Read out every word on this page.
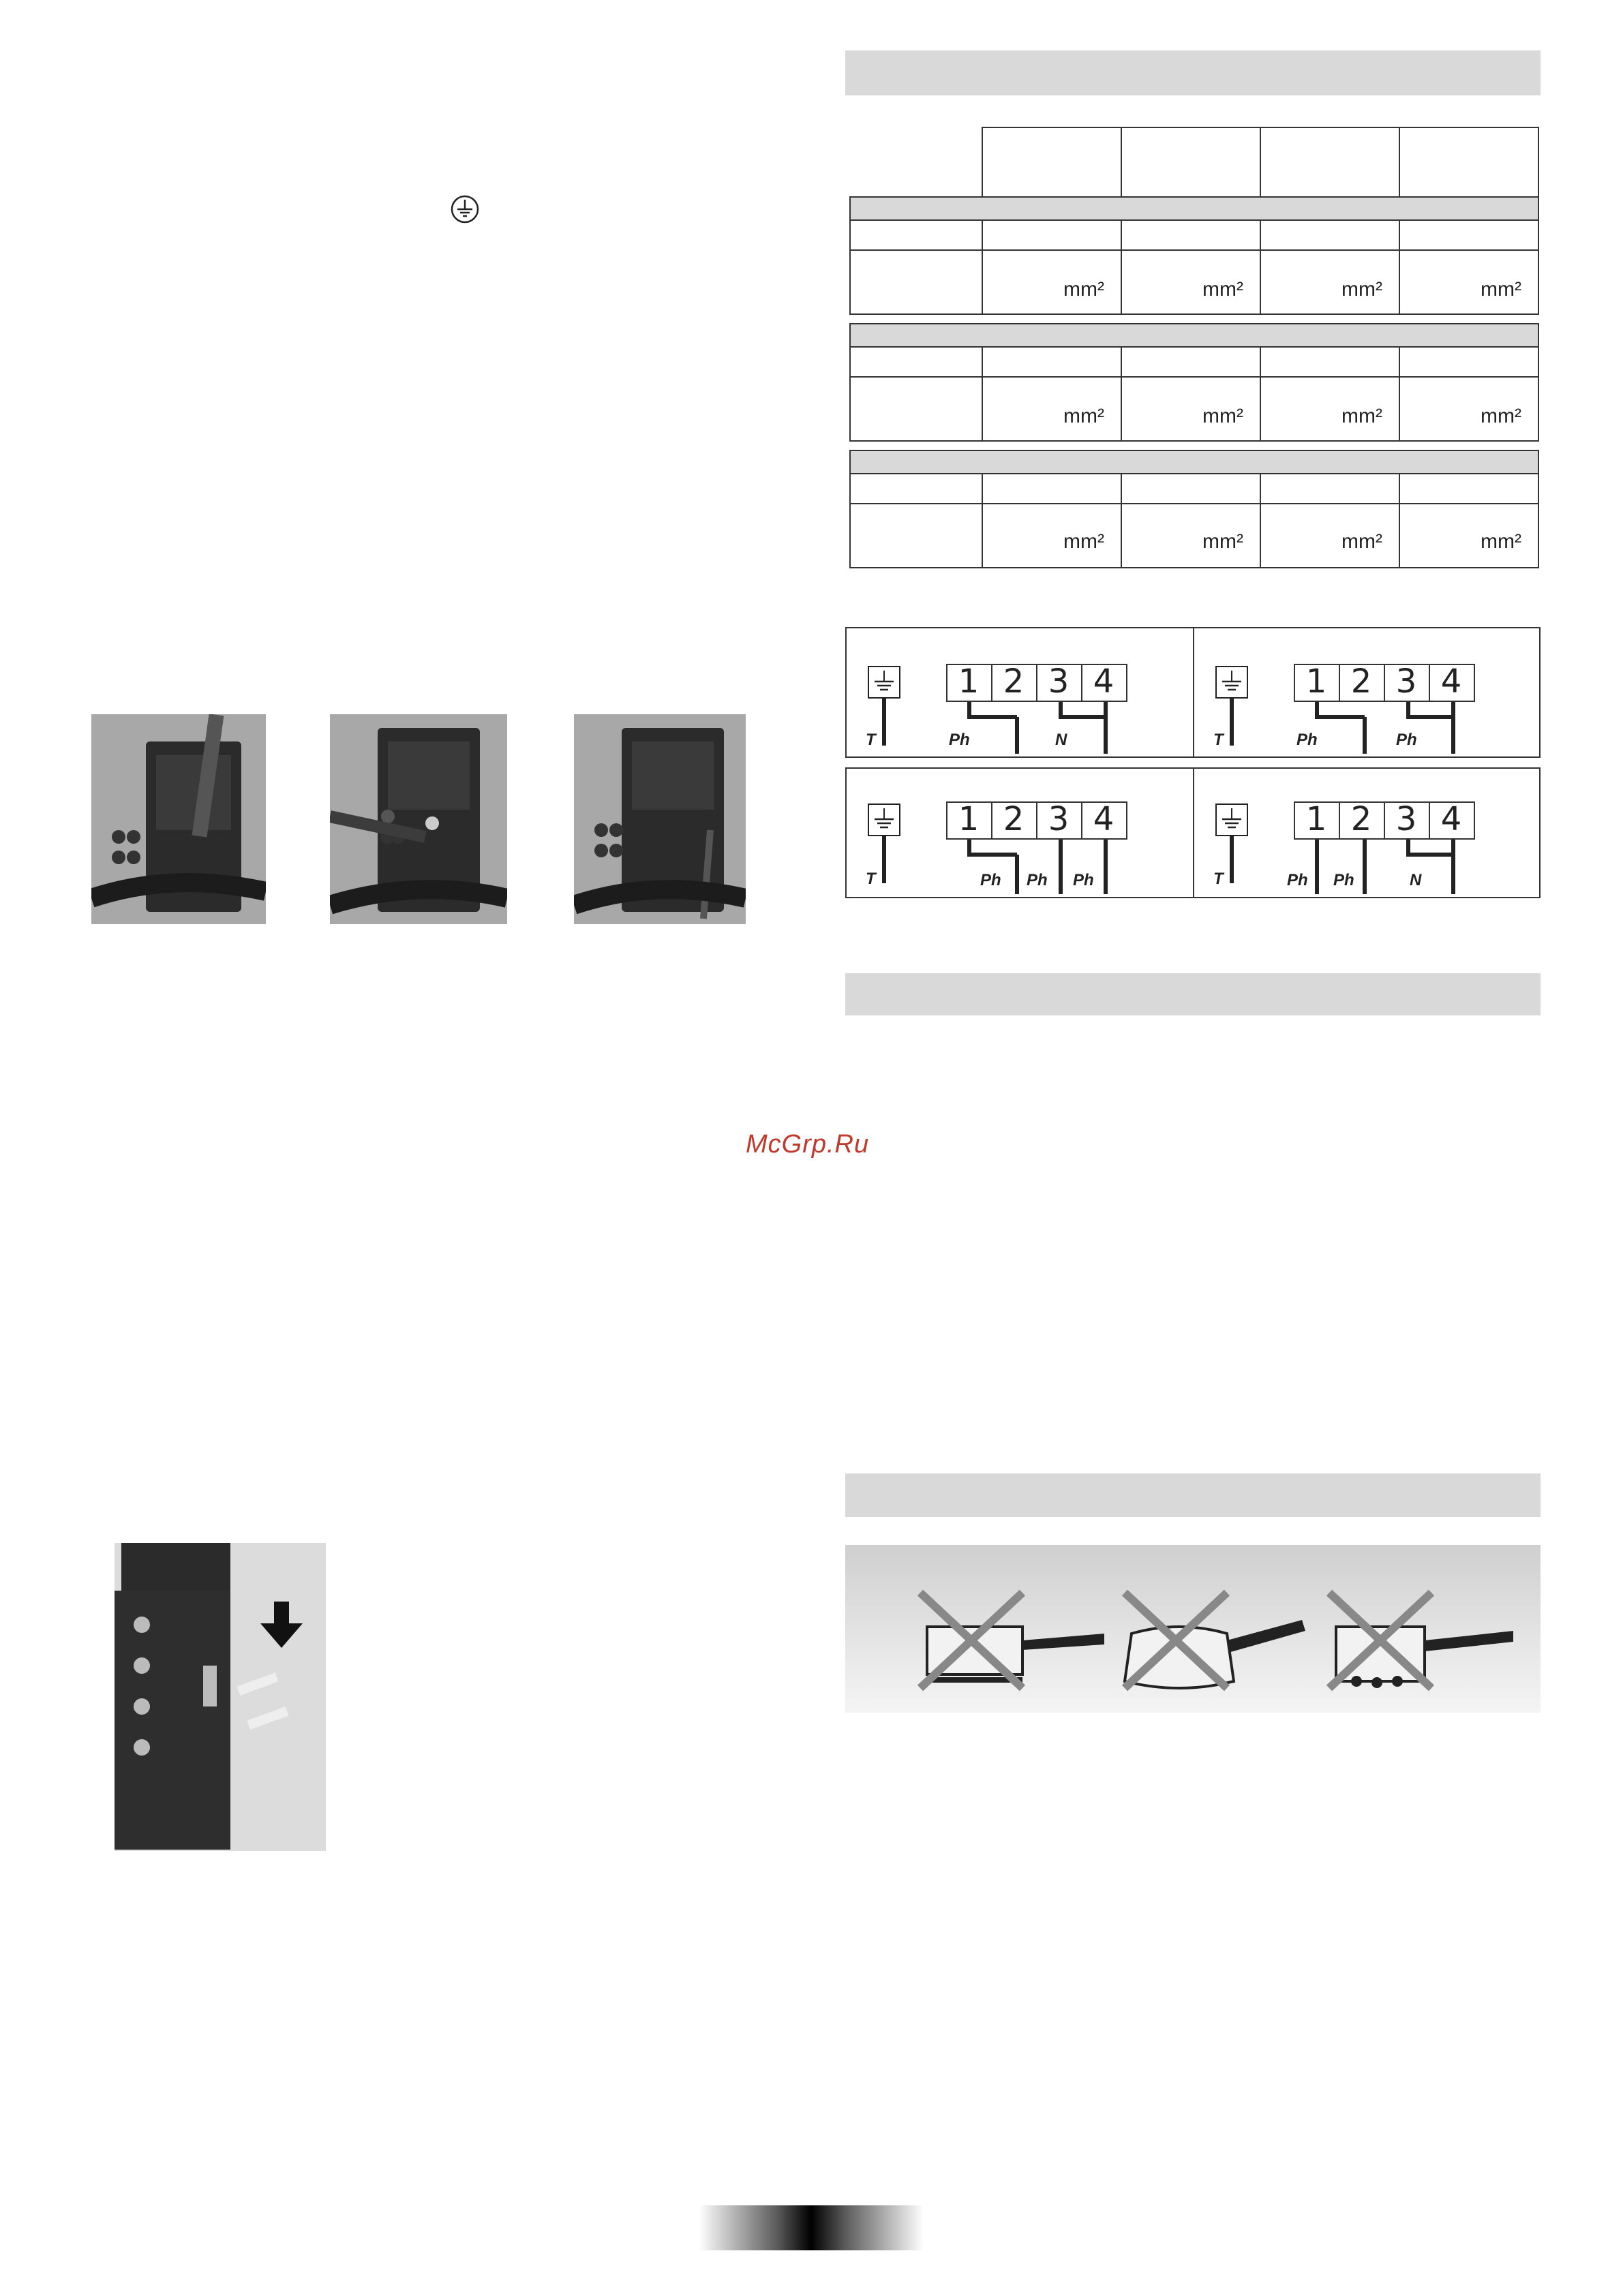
mm²	mm²	mm²	mm²
mm²	mm²	mm²	mm²
mm²	mm²	mm²	mm²
T
1 2 3 4
Ph	N	T
1 2 3 4
Ph	Ph
T
1 2 3 4
Ph Ph Ph	T
1 2 3 4
Ph Ph	N
McGrp.Ru
